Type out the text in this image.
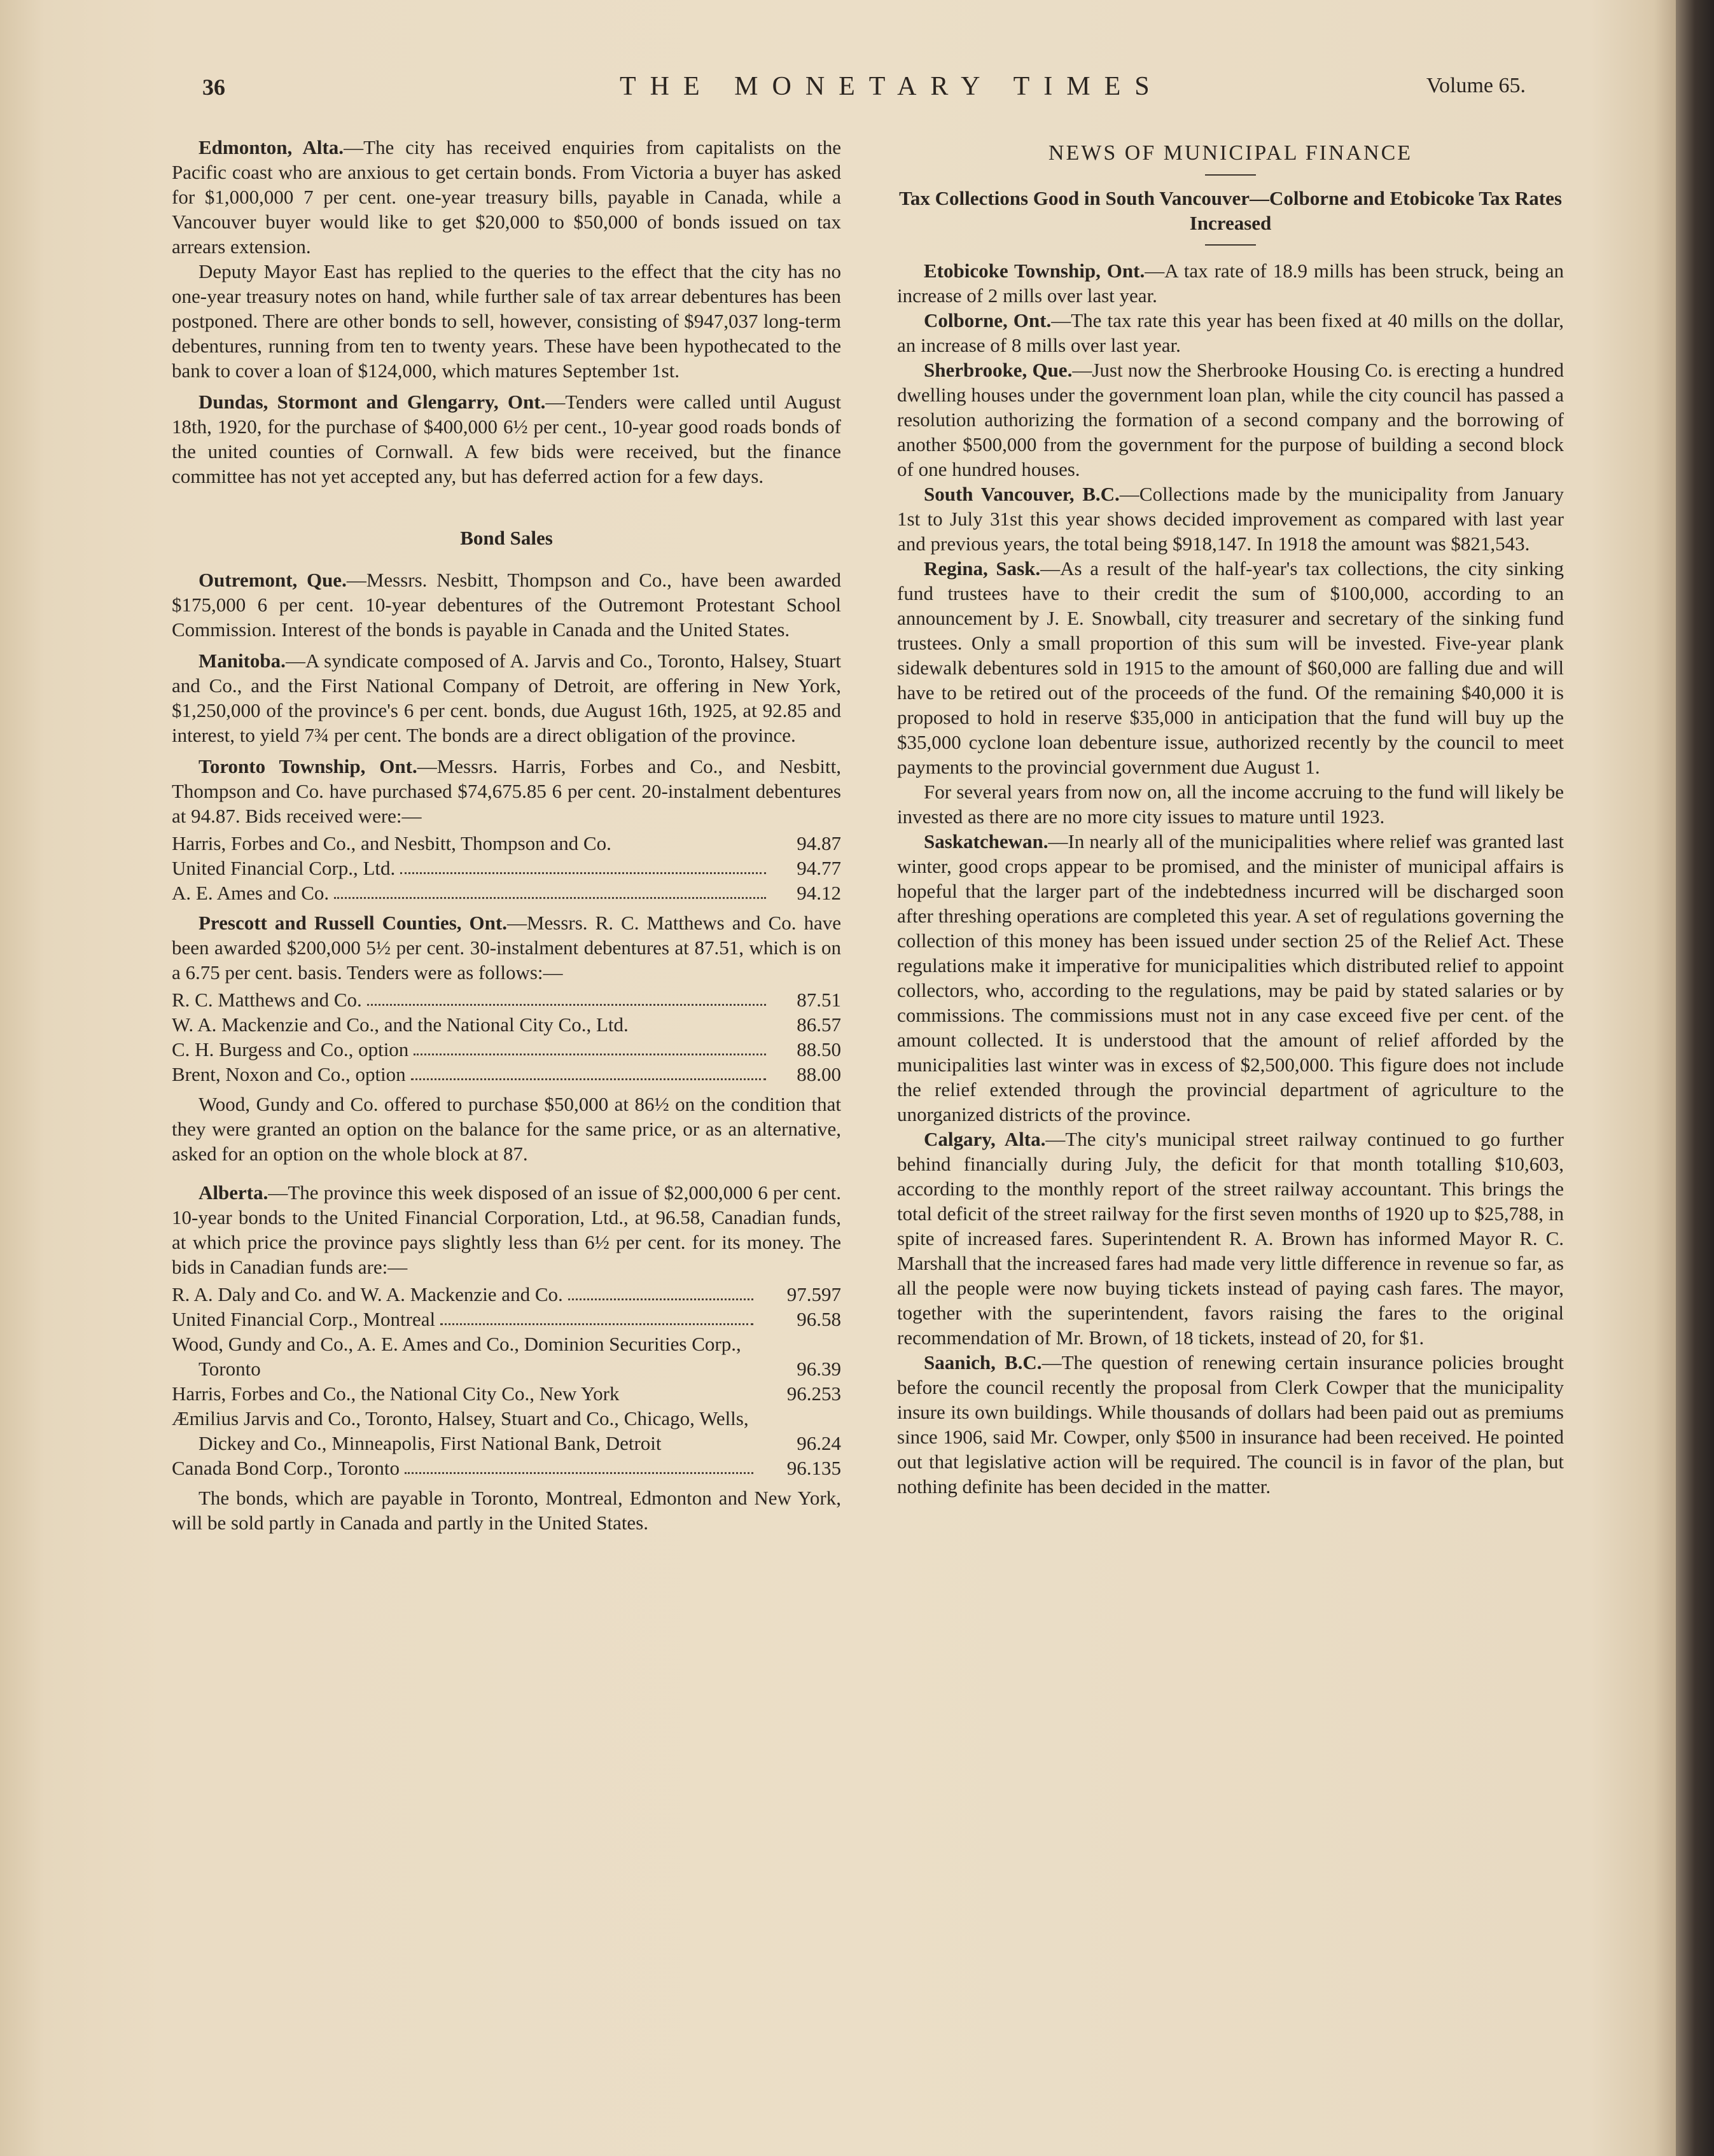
36	THE MONETARY TIMES	Volume 65.

Edmonton, Alta.—The city has received enquiries from capitalists on the Pacific coast who are anxious to get certain bonds. From Victoria a buyer has asked for $1,000,000 7 per cent. one-year treasury bills, payable in Canada, while a Vancouver buyer would like to get $20,000 to $50,000 of bonds issued on tax arrears extension.

Deputy Mayor East has replied to the queries to the effect that the city has no one-year treasury notes on hand, while further sale of tax arrear debentures has been postponed. There are other bonds to sell, however, consisting of $947,037 long-term debentures, running from ten to twenty years. These have been hypothecated to the bank to cover a loan of $124,000, which matures September 1st.

Dundas, Stormont and Glengarry, Ont.—Tenders were called until August 18th, 1920, for the purchase of $400,000 6½ per cent., 10-year good roads bonds of the united counties of Cornwall. A few bids were received, but the finance committee has not yet accepted any, but has deferred action for a few days.

Bond Sales

Outremont, Que.—Messrs. Nesbitt, Thompson and Co., have been awarded $175,000 6 per cent. 10-year debentures of the Outremont Protestant School Commission. Interest of the bonds is payable in Canada and the United States.

Manitoba.—A syndicate composed of A. Jarvis and Co., Toronto, Halsey, Stuart and Co., and the First National Company of Detroit, are offering in New York, $1,250,000 of the province's 6 per cent. bonds, due August 16th, 1925, at 92.85 and interest, to yield 7¾ per cent. The bonds are a direct obligation of the province.

Toronto Township, Ont.—Messrs. Harris, Forbes and Co., and Nesbitt, Thompson and Co. have purchased $74,675.85 6 per cent. 20-instalment debentures at 94.87. Bids received were:—

Harris, Forbes and Co., and Nesbitt, Thompson and Co.	94.87
United Financial Corp., Ltd.	94.77
A. E. Ames and Co.	94.12

Prescott and Russell Counties, Ont.—Messrs. R. C. Matthews and Co. have been awarded $200,000 5½ per cent. 30-instalment debentures at 87.51, which is on a 6.75 per cent. basis. Tenders were as follows:—

R. C. Matthews and Co.	87.51
W. A. Mackenzie and Co., and the National City Co., Ltd.	86.57
C. H. Burgess and Co., option	88.50
Brent, Noxon and Co., option	88.00

Wood, Gundy and Co. offered to purchase $50,000 at 86½ on the condition that they were granted an option on the balance for the same price, or as an alternative, asked for an option on the whole block at 87.

Alberta.—The province this week disposed of an issue of $2,000,000 6 per cent. 10-year bonds to the United Financial Corporation, Ltd., at 96.58, Canadian funds, at which price the province pays slightly less than 6½ per cent. for its money. The bids in Canadian funds are:—

R. A. Daly and Co. and W. A. Mackenzie and Co.	97.597
United Financial Corp., Montreal	96.58
Wood, Gundy and Co., A. E. Ames and Co., Dominion Securities Corp., Toronto	96.39
Harris, Forbes and Co., the National City Co., New York	96.253
Æmilius Jarvis and Co., Toronto, Halsey, Stuart and Co., Chicago, Wells, Dickey and Co., Minneapolis, First National Bank, Detroit	96.24
Canada Bond Corp., Toronto	96.135

The bonds, which are payable in Toronto, Montreal, Edmonton and New York, will be sold partly in Canada and partly in the United States.

NEWS OF MUNICIPAL FINANCE
Tax Collections Good in South Vancouver—Colborne and Etobicoke Tax Rates Increased

Etobicoke Township, Ont.—A tax rate of 18.9 mills has been struck, being an increase of 2 mills over last year.

Colborne, Ont.—The tax rate this year has been fixed at 40 mills on the dollar, an increase of 8 mills over last year.

Sherbrooke, Que.—Just now the Sherbrooke Housing Co. is erecting a hundred dwelling houses under the government loan plan, while the city council has passed a resolution authorizing the formation of a second company and the borrowing of another $500,000 from the government for the purpose of building a second block of one hundred houses.

South Vancouver, B.C.—Collections made by the municipality from January 1st to July 31st this year shows decided improvement as compared with last year and previous years, the total being $918,147. In 1918 the amount was $821,543.

Regina, Sask.—As a result of the half-year's tax collections, the city sinking fund trustees have to their credit the sum of $100,000, according to an announcement by J. E. Snowball, city treasurer and secretary of the sinking fund trustees. Only a small proportion of this sum will be invested. Five-year plank sidewalk debentures sold in 1915 to the amount of $60,000 are falling due and will have to be retired out of the proceeds of the fund. Of the remaining $40,000 it is proposed to hold in reserve $35,000 in anticipation that the fund will buy up the $35,000 cyclone loan debenture issue, authorized recently by the council to meet payments to the provincial government due August 1.

For several years from now on, all the income accruing to the fund will likely be invested as there are no more city issues to mature until 1923.

Saskatchewan.—In nearly all of the municipalities where relief was granted last winter, good crops appear to be promised, and the minister of municipal affairs is hopeful that the larger part of the indebtedness incurred will be discharged soon after threshing operations are completed this year. A set of regulations governing the collection of this money has been issued under section 25 of the Relief Act. These regulations make it imperative for municipalities which distributed relief to appoint collectors, who, according to the regulations, may be paid by stated salaries or by commissions. The commissions must not in any case exceed five per cent. of the amount collected. It is understood that the amount of relief afforded by the municipalities last winter was in excess of $2,500,000. This figure does not include the relief extended through the provincial department of agriculture to the unorganized districts of the province.

Calgary, Alta.—The city's municipal street railway continued to go further behind financially during July, the deficit for that month totalling $10,603, according to the monthly report of the street railway accountant. This brings the total deficit of the street railway for the first seven months of 1920 up to $25,788, in spite of increased fares. Superintendent R. A. Brown has informed Mayor R. C. Marshall that the increased fares had made very little difference in revenue so far, as all the people were now buying tickets instead of paying cash fares. The mayor, together with the superintendent, favors raising the fares to the original recommendation of Mr. Brown, of 18 tickets, instead of 20, for $1.

Saanich, B.C.—The question of renewing certain insurance policies brought before the council recently the proposal from Clerk Cowper that the municipality insure its own buildings. While thousands of dollars had been paid out as premiums since 1906, said Mr. Cowper, only $500 in insurance had been received. He pointed out that legislative action will be required. The council is in favor of the plan, but nothing definite has been decided in the matter.
